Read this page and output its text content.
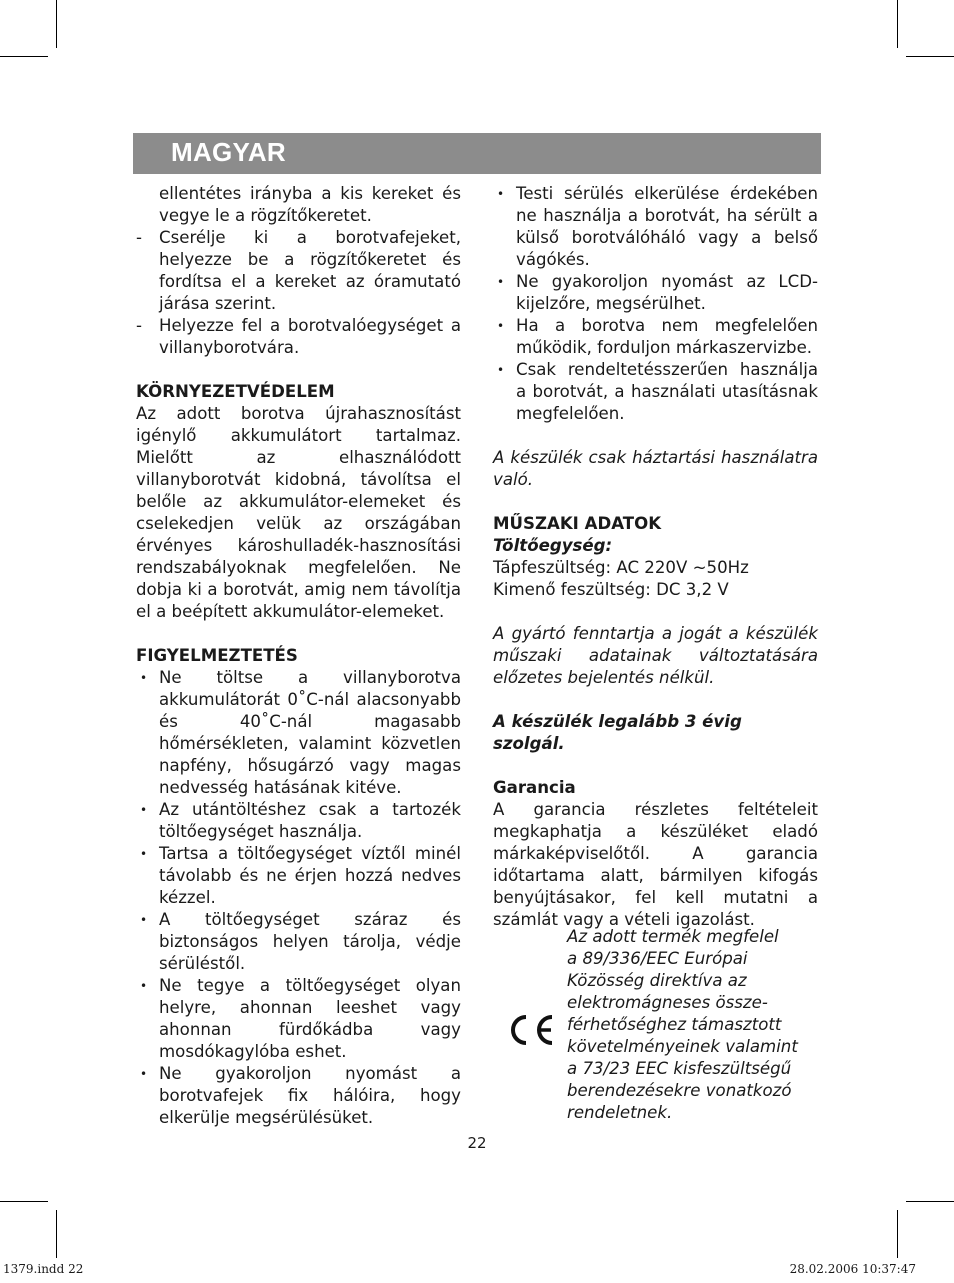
MAGYAR

ellentétes irányba a kis kereket és vegye le a rögzítőkeretet.

- Cserélje ki a borotvafejeket, helyezze be a rögzítőkeretet és fordítsa el a kereket az óramutató járása szerint.

- Helyezze fel a borotvalóegységet a villanyborotvára.

KÖRNYEZETVÉDELEM

Az adott borotva újrahasznosítást igénylő akkumulátort tartalmaz. Mielőtt az elhasználódott villanyborotvát kidobná, távolítsa el belőle az akkumulátor-elemeket és cselekedjen velük az országában érvényes károshulladék-hasznosítási rendszabályoknak megfelelően. Ne dobja ki a borotvát, amig nem távolítja el a beépített akkumulátor-elemeket.

FIGYELMEZTETÉS

• Ne töltse a villanyborotva akkumulátorát 0˚C-nál alacsonyabb és 40˚C-nál magasabb hőmérsékleten, valamint közvetlen napfény, hősugárzó vagy magas nedvesség hatásának kitéve.

• Az utántöltéshez csak a tartozék töltőegységet használja.

• Tartsa a töltőegységet víztől minél távolabb és ne érjen hozzá nedves kézzel.

• A töltőegységet száraz és biztonságos helyen tárolja, védje sérüléstől.

• Ne tegye a töltőegységet olyan helyre, ahonnan leeshet vagy ahonnan fürdőkádba vagy mosdókagylóba eshet.

• Ne gyakoroljon nyomást a borotvafejek fix hálóira, hogy elkerülje megsérülésüket.

• Testi sérülés elkerülése érdekében ne használja a borotvát, ha sérült a külső borotválóháló vagy a belső vágókés.

• Ne gyakoroljon nyomást az LCD-kijelzőre, megsérülhet.

• Ha a borotva nem megfelelően működik, forduljon márkaszervizbe.

• Csak rendeltetésszerűen használja a borotvát, a használati utasításnak megfelelően.

A készülék csak háztartási használatra való.

MŰSZAKI ADATOK

Töltőegység:

Tápfeszültség: AC 220V ~50Hz

Kimenő feszültség: DC 3,2 V

A gyártó fenntartja a jogát a készülék műszaki adatainak változtatására előzetes bejelentés nélkül.

A készülék legalább 3 évig szolgál.

Garancia

A garancia részletes feltételeit megkaphatja a készüléket eladó márkaképviselőtől. A garancia időtartama alatt, bármilyen kifogás benyújtásakor, fel kell mutatni a számlát vagy a vételi igazolást.

Az adott termék megfelel
a 89/336/EEC Európai
Közösség direktíva az
elektromágneses össze-
férhetőséghez támasztott
követelményeinek valamint
a 73/23 EEC kisfeszültségű
berendezésekre vonatkozó
rendeletnek.
22
1379.indd 22	28.02.2006 10:37:47
